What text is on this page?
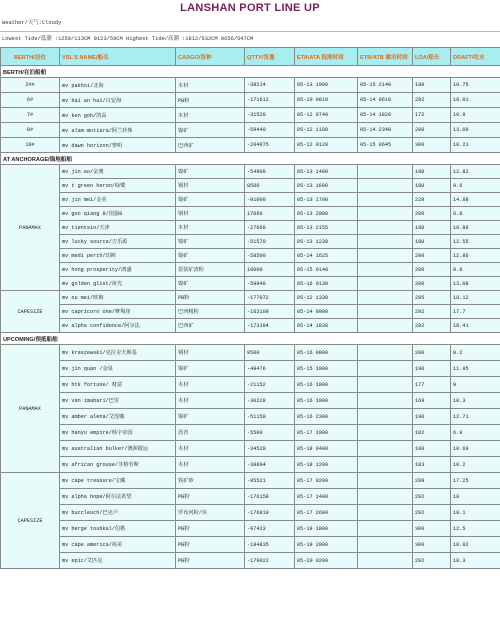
LANSHAN PORT LINE UP
Weather/天气:Cloudy
Lowest Tide/低潮 :1259/113CM 0123/59CM Highest Tide/高潮 :1812/532CM 0656/547CM
BERTH/泊位	VSL'S NAME/船名	CARGO/货种	QTTY/货量	ETA/ATA 抵港时间	ETB/ATB 靠泊时间	LOA/船长	DRAFT/吃水
BERTH/在泊船舶							
2##	mv pakhoi/北海	木材	-38214	05-13 1900	05-15 2140	180	10.75
6#	mv bai an hai/百安海	PB粉	-171612	05-10 0810	05-14 0610	292	18.01
7#	mv ken goh/凯高	木材	-31520	05-12 0740	05-14 1820	172	10.9
8#	mv alam mutiara/阿兰珍珠	镍矿	-59440	05-12 1100	05-14 2340	200	13.09
10#	mv dawn horizon/黎明	巴西矿	-204075	05-12 0120	05-15 0645	300	18.21
AT ANCHORAGE/锚地船舶							
PANAMAX	mv jin ao/金澳	镍矿	-54900	05-13 1400		190	12.82
	mv t green heron/绿鹭	钢材	8500	05-13 1600		190	9.6
	mv jin mei/金美	镍矿	-91000	05-13 1700		229	14.88
	mv goo qiang 8/国强8	钢材	17060	05-13 2000		200	6.8
	mv tientsin/天津	木材	-27660	05-13 2155		180	10.86
	mv lucky source/吉乐源	镍矿	-51570	05-13 1230		190	12.55
	mv medi perth/珀斯	镍矿	-58500	05-14 1625		200	12.86
	mv hong prosperity/鸿盛	袋装矿渣粉	10000	05-15 0140		200	9.9
	mv golden glist/祖光	镍矿	-59940	05-16 0130		200	13.08
CAPESIZE	mv ou mei/欧梅	PB粉	-177072	05-12 1330		295	18.12
	mv capricorn one/摩羯座	巴西粗粉	-163109	05-14 0000		292	17.7
	mv alpha confidence/阿尔法	巴西矿	-173194	05-14 1830		292	18.41
UPCOMING/预抵船舶							
PANAMAX	mv kraszewski/克拉舍夫斯基	钢材	9500	05-16 0800		200	8.2
	mv jin quan /金泉	镍矿	-49476	05-15 1900		190	11.95
	mv htk fortune/ 财富	木材	-21152	05-16 1800		177	9
	mv van imabari/巴里	木材	-30229	05-16 1900		169	10.3
	mv amber alena/艾莲娜	镍矿	-51150	05-16 2300		190	12.71
	mv hanyu empire/韩宇帝国	沥青	-5500	05-17 1000		102	6.9
	mv australian bulker/澳洲散运	木材	-34520	05-18 0400		180	10.69
	mv african grouse/非格劳斯	木材	-38894	05-18 1200		183	10.2
CAPESIZE	mv cape treasure/宝藏	铁矿砂	-85521	05-17 0200		289	17.25
	mv alpha hope/阿尔法希望	PB粉	-176158	05-17 1400		292	18
	mv buccleuch/巴克卢	罗布河粉/块	-176810	05-17 2600		292	18.1
	mv berge toubkal/伯勒	PB粉	-97423	05-19 1800		300	12.5
	mv cape america/裕美	PB粉	-184835	05-19 2000		300	18.02
	mv epic/艾匹克	PB粉	-179022	05-20 0200		292	18.3
